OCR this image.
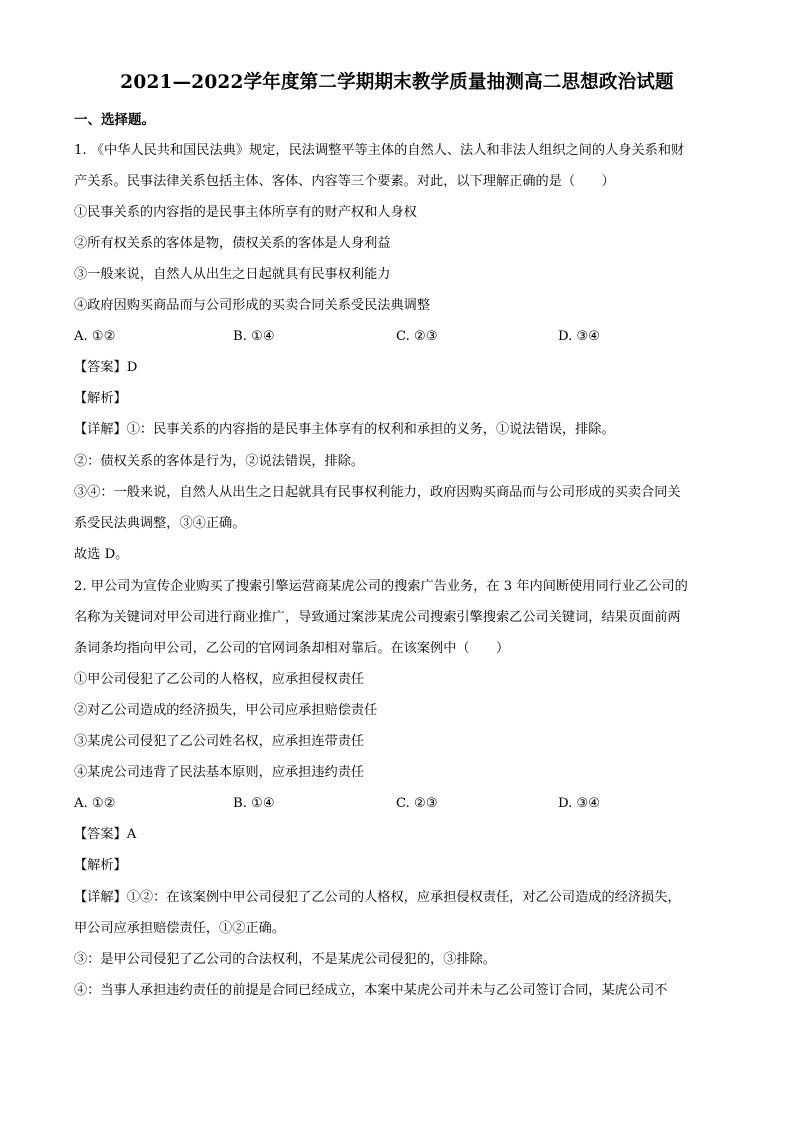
2021—2022学年度第二学期期末教学质量抽测高二思想政治试题
一、选择题。
1. 《中华人民共和国民法典》规定，民法调整平等主体的自然人、法人和非法人组织之间的人身关系和财
产关系。民事法律关系包括主体、客体、内容等三个要素。对此，以下理解正确的是（　　）
①民事关系的内容指的是民事主体所享有的财产权和人身权
②所有权关系的客体是物，债权关系的客体是人身利益
③一般来说，自然人从出生之日起就具有民事权利能力
④政府因购买商品而与公司形成的买卖合同关系受民法典调整
A. ①②	B. ①④	C. ②③	D. ③④
【答案】D
【解析】
【详解】①：民事关系的内容指的是民事主体享有的权利和承担的义务，①说法错误，排除。
②：债权关系的客体是行为，②说法错误，排除。
③④：一般来说，自然人从出生之日起就具有民事权利能力，政府因购买商品而与公司形成的买卖合同关
系受民法典调整，③④正确。
故选 D。
2. 甲公司为宣传企业购买了搜索引擎运营商某虎公司的搜索广告业务，在 3 年内间断使用同行业乙公司的
名称为关键词对甲公司进行商业推广，导致通过案涉某虎公司搜索引擎搜索乙公司关键词，结果页面前两
条词条均指向甲公司，乙公司的官网词条却相对靠后。在该案例中（　　）
①甲公司侵犯了乙公司的人格权，应承担侵权责任
②对乙公司造成的经济损失，甲公司应承担赔偿责任
③某虎公司侵犯了乙公司姓名权，应承担连带责任
④某虎公司违背了民法基本原则，应承担违约责任
A. ①②	B. ①④	C. ②③	D. ③④
【答案】A
【解析】
【详解】①②：在该案例中甲公司侵犯了乙公司的人格权，应承担侵权责任，对乙公司造成的经济损失，
甲公司应承担赔偿责任，①②正确。
③：是甲公司侵犯了乙公司的合法权利，不是某虎公司侵犯的，③排除。
④：当事人承担违约责任的前提是合同已经成立，本案中某虎公司并未与乙公司签订合同，某虎公司不
